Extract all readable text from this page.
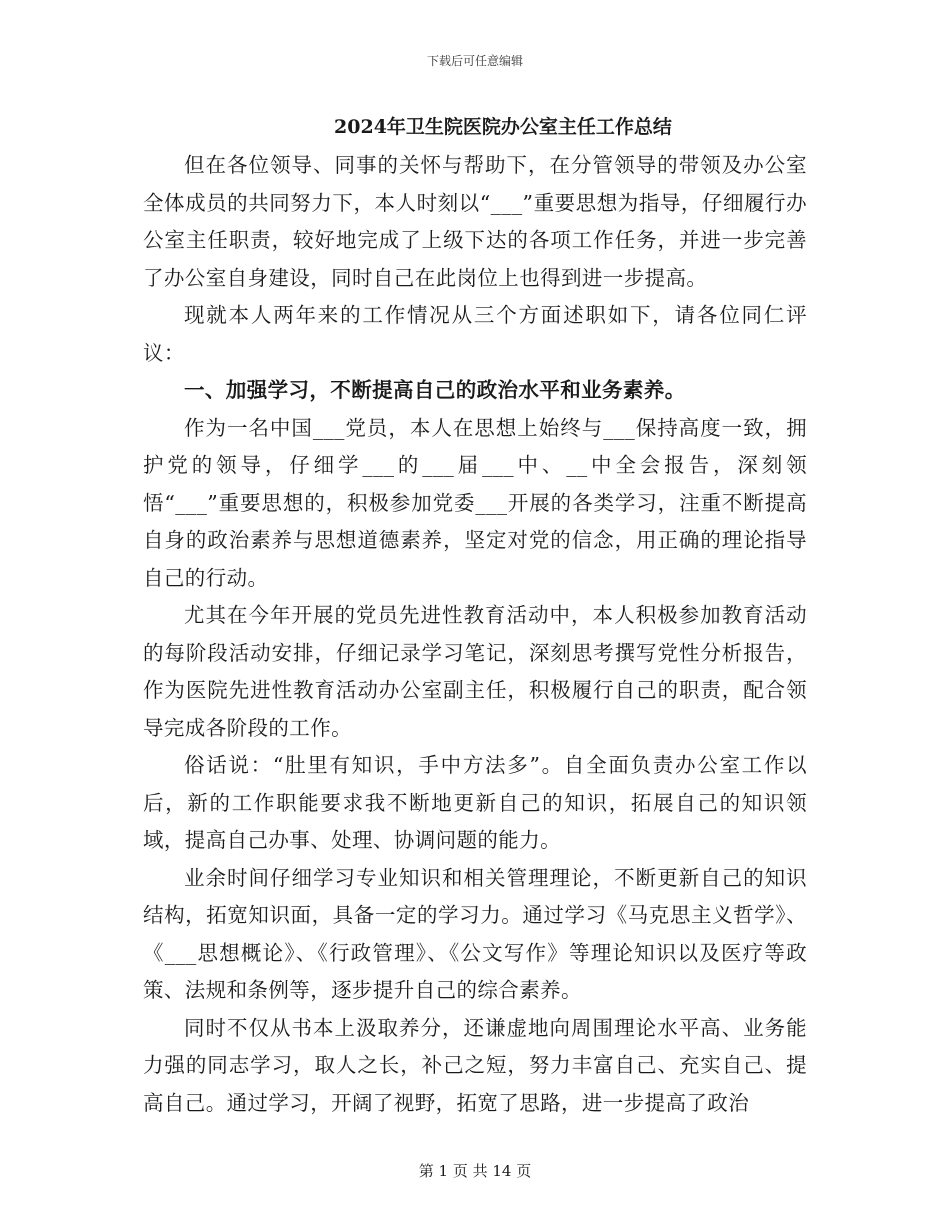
下载后可任意编辑
2024年卫生院医院办公室主任工作总结

但在各位领导、同事的关怀与帮助下，在分管领导的带领及办公室全体成员的共同努力下，本人时刻以“___”重要思想为指导，仔细履行办公室主任职责，较好地完成了上级下达的各项工作任务，并进一步完善了办公室自身建设，同时自己在此岗位上也得到进一步提高。

现就本人两年来的工作情况从三个方面述职如下，请各位同仁评议：

一、加强学习，不断提高自己的政治水平和业务素养。

作为一名中国___党员，本人在思想上始终与___保持高度一致，拥护党的领导，仔细学___的___届___中、__中全会报告，深刻领悟“___”重要思想的，积极参加党委___开展的各类学习，注重不断提高自身的政治素养与思想道德素养，坚定对党的信念，用正确的理论指导自己的行动。

尤其在今年开展的党员先进性教育活动中，本人积极参加教育活动的每阶段活动安排，仔细记录学习笔记，深刻思考撰写党性分析报告，作为医院先进性教育活动办公室副主任，积极履行自己的职责，配合领导完成各阶段的工作。

俗话说：“肚里有知识，手中方法多”。自全面负责办公室工作以后，新的工作职能要求我不断地更新自己的知识，拓展自己的知识领域，提高自己办事、处理、协调问题的能力。

业余时间仔细学习专业知识和相关管理理论，不断更新自己的知识结构，拓宽知识面，具备一定的学习力。通过学习《马克思主义哲学》、《___思想概论》、《行政管理》、《公文写作》等理论知识以及医疗等政策、法规和条例等，逐步提升自己的综合素养。

同时不仅从书本上汲取养分，还谦虚地向周围理论水平高、业务能力强的同志学习，取人之长，补己之短，努力丰富自己、充实自己、提高自己。通过学习，开阔了视野，拓宽了思路，进一步提高了政治

第 1 页 共 14 页
